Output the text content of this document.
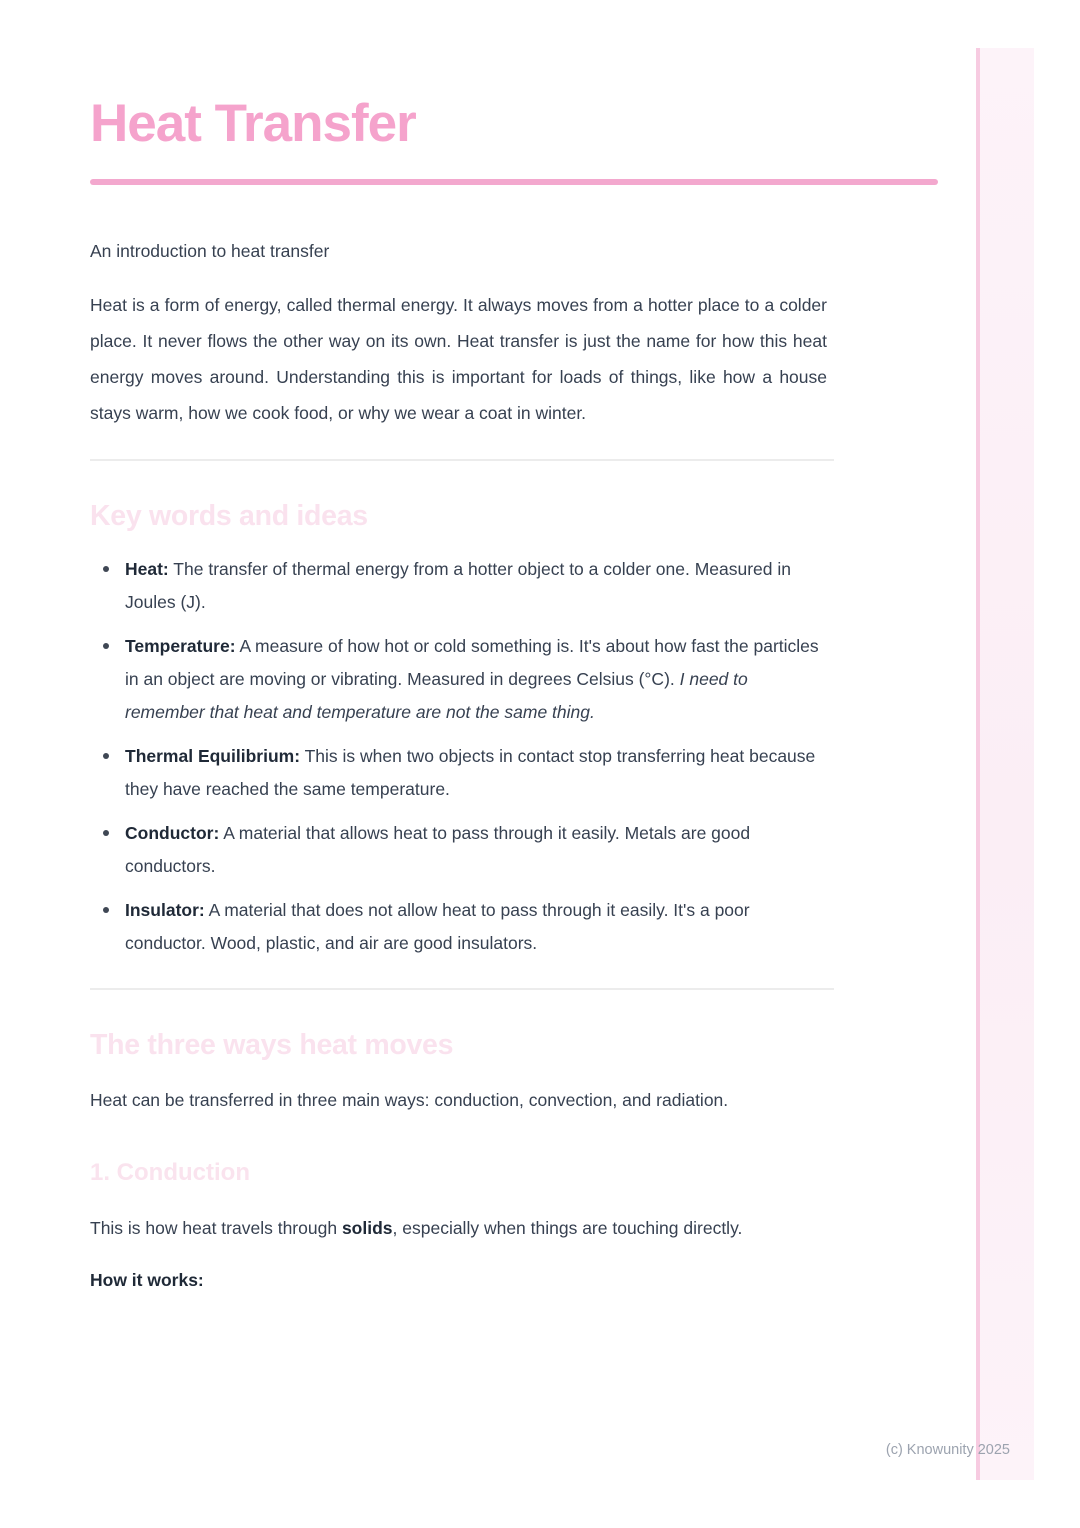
Heat Transfer

An introduction to heat transfer

Heat is a form of energy, called thermal energy. It always moves from a hotter place to a colder place. It never flows the other way on its own. Heat transfer is just the name for how this heat energy moves around. Understanding this is important for loads of things, like how a house stays warm, how we cook food, or why we wear a coat in winter.

Key words and ideas
Heat: The transfer of thermal energy from a hotter object to a colder one. Measured in Joules (J).
Temperature: A measure of how hot or cold something is. It's about how fast the particles in an object are moving or vibrating. Measured in degrees Celsius (°C). I need to remember that heat and temperature are not the same thing.
Thermal Equilibrium: This is when two objects in contact stop transferring heat because they have reached the same temperature.
Conductor: A material that allows heat to pass through it easily. Metals are good conductors.
Insulator: A material that does not allow heat to pass through it easily. It's a poor conductor. Wood, plastic, and air are good insulators.
The three ways heat moves

Heat can be transferred in three main ways: conduction, convection, and radiation.

1. Conduction

This is how heat travels through solids, especially when things are touching directly.

How it works:

(c) Knowunity 2025
